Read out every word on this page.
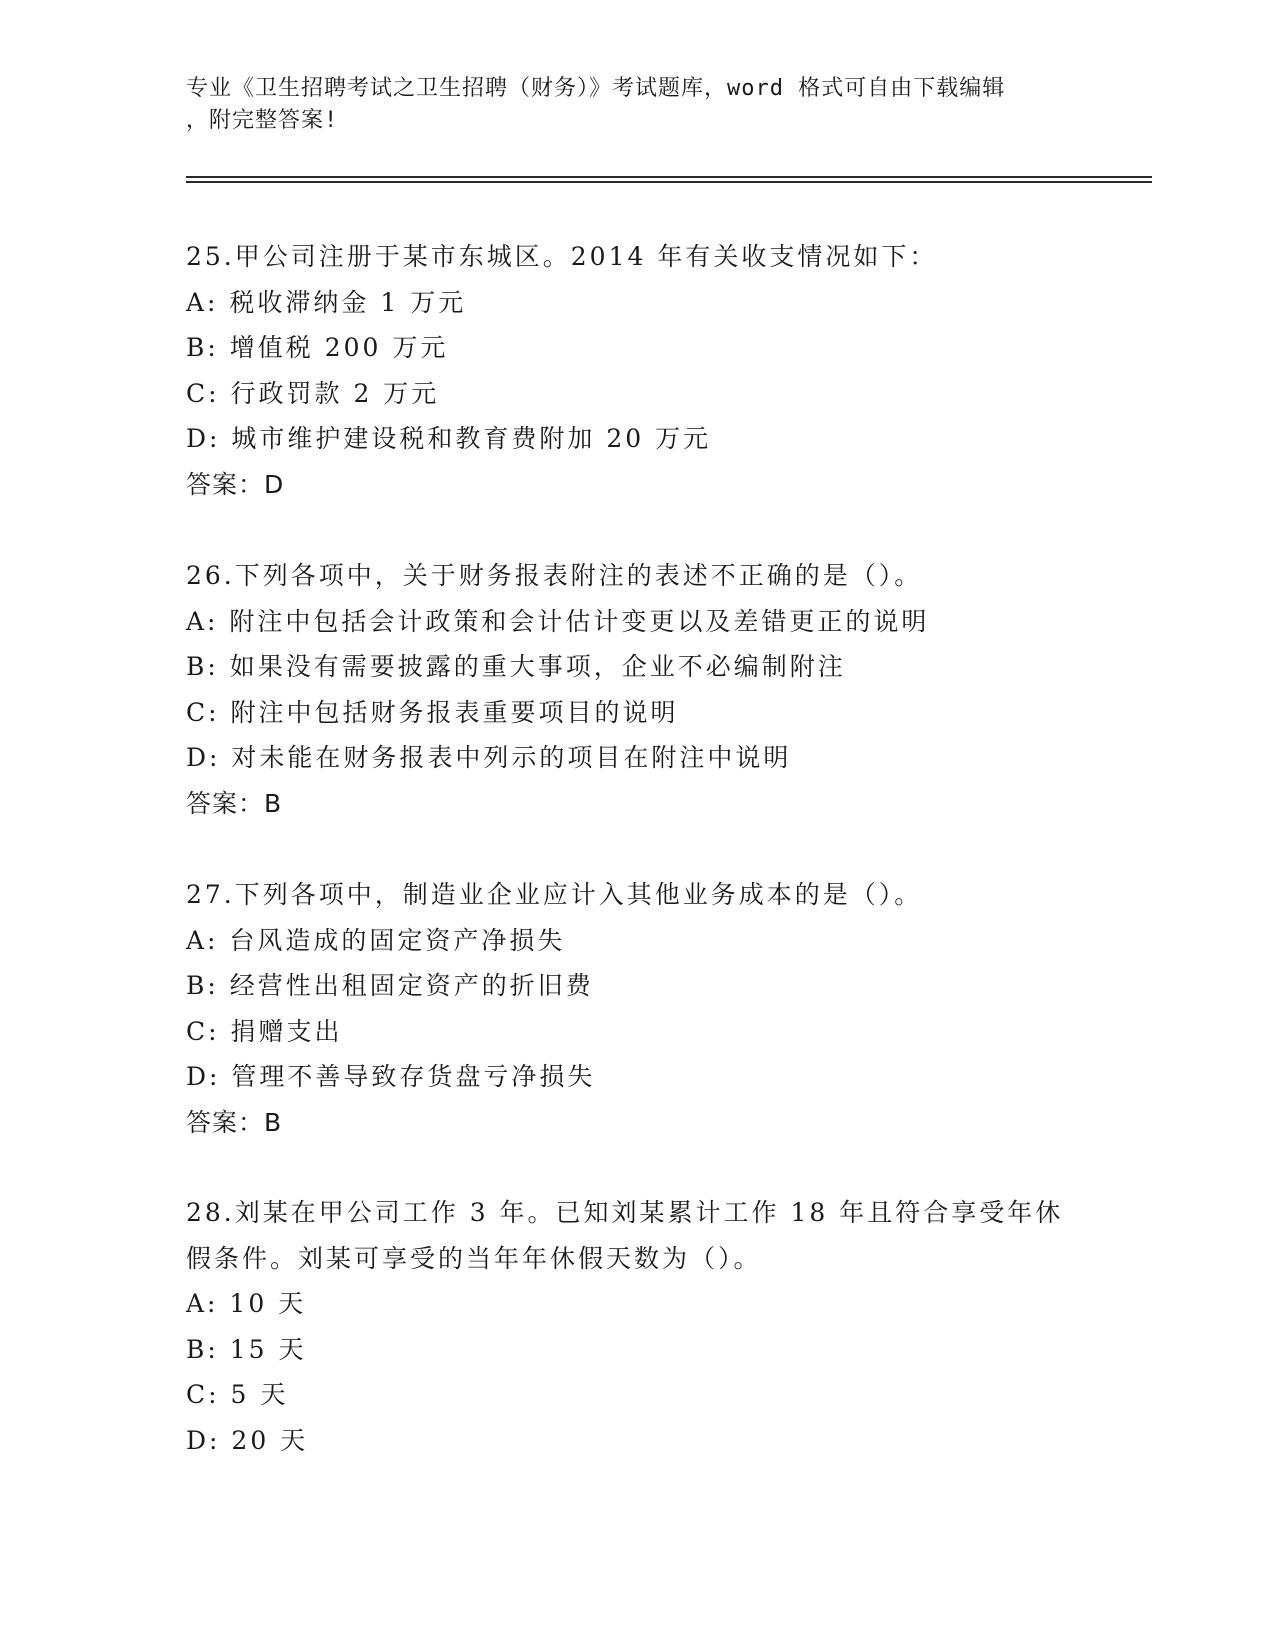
专业《卫生招聘考试之卫生招聘（财务）》考试题库，word 格式可自由下载编辑
，附完整答案!
25.甲公司注册于某市东城区。2014 年有关收支情况如下：
A: 税收滞纳金 1 万元
B: 增值税 200 万元
C: 行政罚款 2 万元
D: 城市维护建设税和教育费附加 20 万元
答案：D
26.下列各项中，关于财务报表附注的表述不正确的是（）。
A: 附注中包括会计政策和会计估计变更以及差错更正的说明
B: 如果没有需要披露的重大事项，企业不必编制附注
C: 附注中包括财务报表重要项目的说明
D: 对未能在财务报表中列示的项目在附注中说明
答案：B
27.下列各项中，制造业企业应计入其他业务成本的是（）。
A: 台风造成的固定资产净损失
B: 经营性出租固定资产的折旧费
C: 捐赠支出
D: 管理不善导致存货盘亏净损失
答案：B
28.刘某在甲公司工作 3 年。已知刘某累计工作 18 年且符合享受年休
假条件。刘某可享受的当年年休假天数为（）。
A: 10 天
B: 15 天
C: 5 天
D: 20 天
